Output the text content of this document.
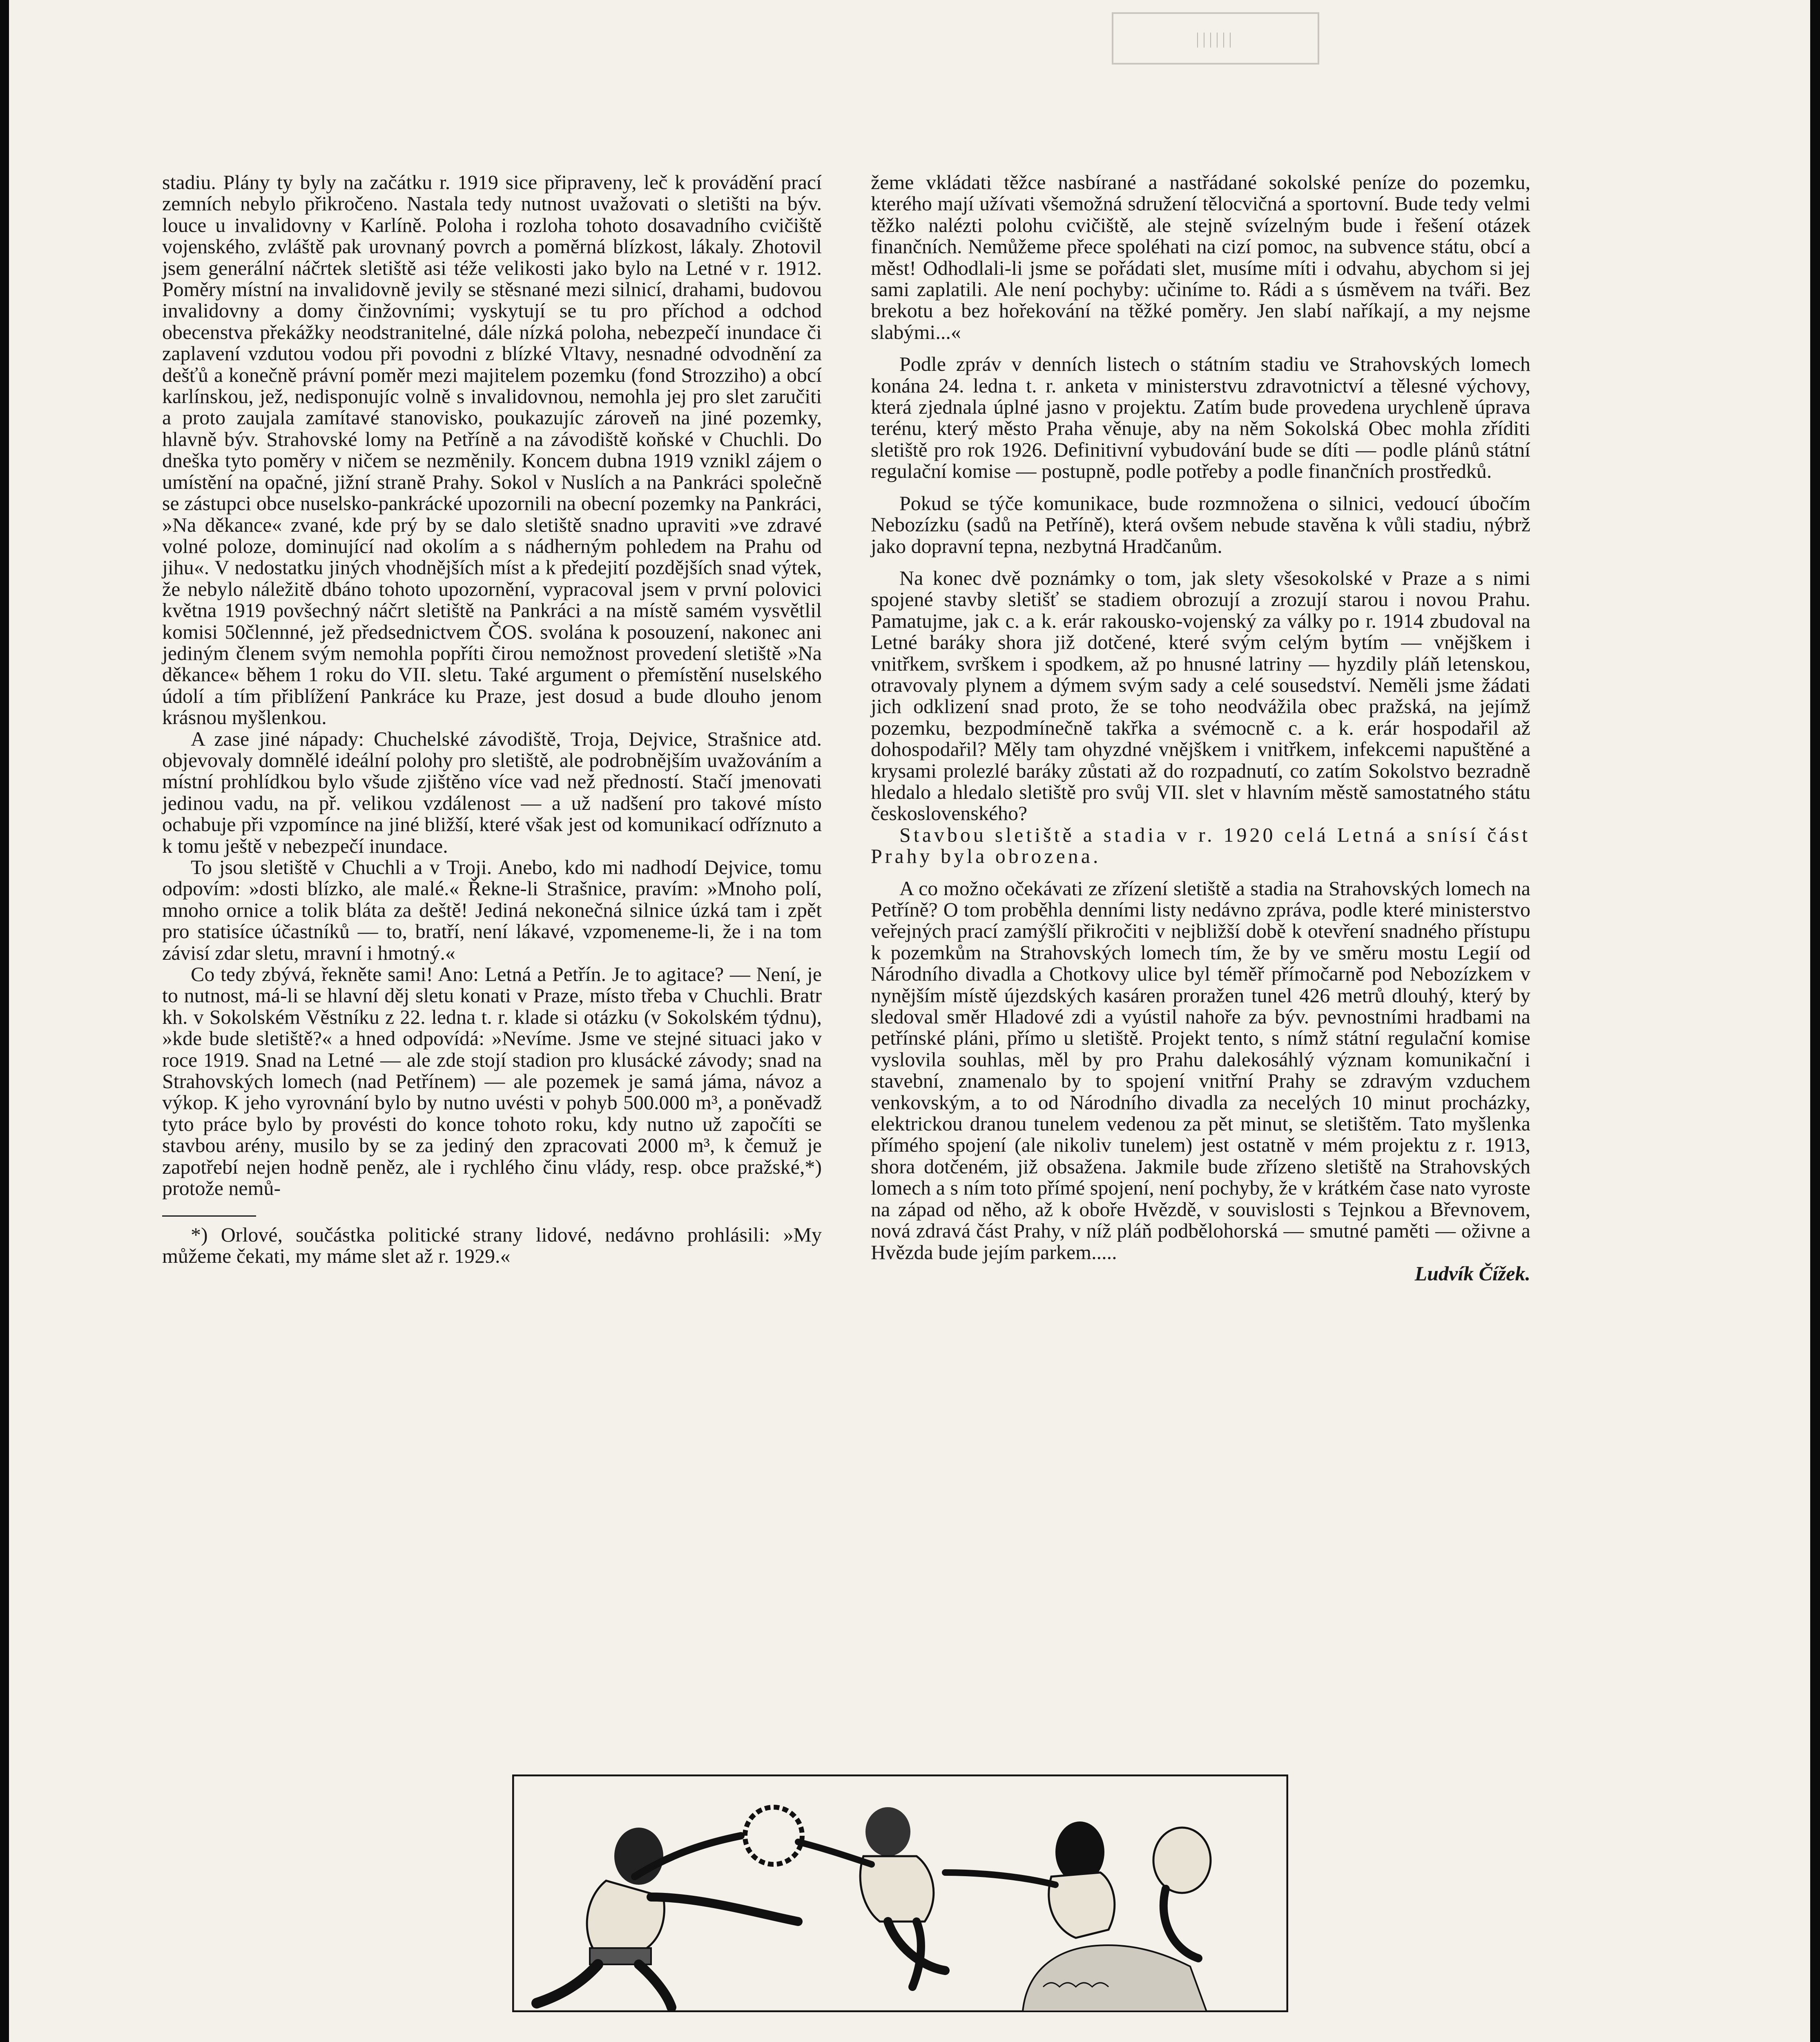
||||||

stadiu. Plány ty byly na začátku r. 1919 sice připraveny, leč k provádění prací zemních nebylo přikročeno. Nastala tedy nutnost uvažovati o sletišti na býv. louce u invalidovny v Karlíně. Poloha i rozloha tohoto dosavadního cvičiště vojenského, zvláště pak urovnaný povrch a poměrná blízkost, lákaly. Zhotovil jsem generální náčrtek sletiště asi téže velikosti jako bylo na Letné v r. 1912. Poměry místní na invalidovně jevily se stěsnané mezi silnicí, drahami, budovou invalidovny a domy činžovními; vyskytují se tu pro příchod a odchod obecenstva překážky neodstranitelné, dále nízká poloha, nebezpečí inundace či zaplavení vzdutou vodou při povodni z blízké Vltavy, nesnadné odvodnění za dešťů a konečně právní poměr mezi majitelem pozemku (fond Strozziho) a obcí karlínskou, jež, nedisponujíc volně s invalidovnou, nemohla jej pro slet zaručiti a proto zaujala zamítavé stanovisko, poukazujíc zároveň na jiné pozemky, hlavně býv. Strahovské lomy na Petříně a na závodiště koňské v Chuchli. Do dneška tyto poměry v ničem se nezměnily. Koncem dubna 1919 vznikl zájem o umístění na opačné, jižní straně Prahy. Sokol v Nuslích a na Pankráci společně se zástupci obce nuselsko-pankrácké upozornili na obecní pozemky na Pankráci, »Na děkance« zvané, kde prý by se dalo sletiště snadno upraviti »ve zdravé volné poloze, dominující nad okolím a s nádherným pohledem na Prahu od jihu«. V nedostatku jiných vhodnějších míst a k předejití pozdějších snad výtek, že nebylo náležitě dbáno tohoto upozornění, vypracoval jsem v první polovici května 1919 povšechný náčrt sletiště na Pankráci a na místě samém vysvětlil komisi 50člennné, jež předsednictvem ČOS. svolána k posouzení, nakonec ani jediným členem svým nemohla popříti čirou nemožnost provedení sletiště »Na děkance« během 1 roku do VII. sletu. Také argument o přemístění nuselského údolí a tím přiblížení Pankráce ku Praze, jest dosud a bude dlouho jenom krásnou myšlenkou.

A zase jiné nápady: Chuchelské závodiště, Troja, Dejvice, Strašnice atd. objevovaly domnělé ideální polohy pro sletiště, ale podrobnějším uvažováním a místní prohlídkou bylo všude zjištěno více vad než předností. Stačí jmenovati jedinou vadu, na př. velikou vzdálenost — a už nadšení pro takové místo ochabuje při vzpomínce na jiné bližší, které však jest od komunikací odříznuto a k tomu ještě v nebezpečí inundace.

To jsou sletiště v Chuchli a v Troji. Anebo, kdo mi nadhodí Dejvice, tomu odpovím: »dosti blízko, ale malé.« Řekne-li Strašnice, pravím: »Mnoho polí, mnoho ornice a tolik bláta za deště! Jediná nekonečná silnice úzká tam i zpět pro statisíce účastníků — to, bratří, není lákavé, vzpomeneme-li, že i na tom závisí zdar sletu, mravní i hmotný.«

Co tedy zbývá, řekněte sami! Ano: Letná a Petřín. Je to agitace? — Není, je to nutnost, má-li se hlavní děj sletu konati v Praze, místo třeba v Chuchli. Bratr kh. v Sokolském Věstníku z 22. ledna t. r. klade si otázku (v Sokolském týdnu), »kde bude sletiště?« a hned odpovídá: »Nevíme. Jsme ve stejné situaci jako v roce 1919. Snad na Letné — ale zde stojí stadion pro klusácké závody; snad na Strahovských lomech (nad Petřínem) — ale pozemek je samá jáma, návoz a výkop. K jeho vyrovnání bylo by nutno uvésti v pohyb 500.000 m³, a poněvadž tyto práce bylo by provésti do konce tohoto roku, kdy nutno už započíti se stavbou arény, musilo by se za jediný den zpracovati 2000 m³, k čemuž je zapotřebí nejen hodně peněz, ale i rychlého činu vlády, resp. obce pražské,*) protože nemů-

*) Orlové, součástka politické strany lidové, nedávno prohlásili: »My můžeme čekati, my máme slet až r. 1929.«

žeme vkládati těžce nasbírané a nastřádané sokolské peníze do pozemku, kterého mají užívati všemožná sdružení tělocvičná a sportovní. Bude tedy velmi těžko nalézti polohu cvičiště, ale stejně svízelným bude i řešení otázek finančních. Nemůžeme přece spoléhati na cizí pomoc, na subvence státu, obcí a měst! Odhodlali-li jsme se pořádati slet, musíme míti i odvahu, abychom si jej sami zaplatili. Ale není pochyby: učiníme to. Rádi a s úsměvem na tváři. Bez brekotu a bez hořekování na těžké poměry. Jen slabí naříkají, a my nejsme slabými...«

Podle zpráv v denních listech o státním stadiu ve Strahovských lomech konána 24. ledna t. r. anketa v ministerstvu zdravotnictví a tělesné výchovy, která zjednala úplné jasno v projektu. Zatím bude provedena urychleně úprava terénu, který město Praha věnuje, aby na něm Sokolská Obec mohla zříditi sletiště pro rok 1926. Definitivní vybudování bude se díti — podle plánů státní regulační komise — postupně, podle potřeby a podle finančních prostředků.

Pokud se týče komunikace, bude rozmnožena o silnici, vedoucí úbočím Nebozízku (sadů na Petříně), která ovšem nebude stavěna k vůli stadiu, nýbrž jako dopravní tepna, nezbytná Hradčanům.

Na konec dvě poznámky o tom, jak slety všesokolské v Praze a s nimi spojené stavby sletišť se stadiem obrozují a zrozují starou i novou Prahu. Pamatujme, jak c. a k. erár rakousko-vojenský za války po r. 1914 zbudoval na Letné baráky shora již dotčené, které svým celým bytím — vnějškem i vnitřkem, svrškem i spodkem, až po hnusné latriny — hyzdily pláň letenskou, otravovaly plynem a dýmem svým sady a celé sousedství. Neměli jsme žádati jich odklizení snad proto, že se toho neodvážila obec pražská, na jejímž pozemku, bezpodmínečně takřka a svémocně c. a k. erár hospodařil až dohospodařil? Měly tam ohyzdné vnějškem i vnitřkem, infekcemi napuštěné a krysami prolezlé baráky zůstati až do rozpadnutí, co zatím Sokolstvo bezradně hledalo a hledalo sletiště pro svůj VII. slet v hlavním městě samostatného státu československého?

Stavbou sletiště a stadia v r. 1920 celá Letná a snísí část Prahy byla obrozena.

A co možno očekávati ze zřízení sletiště a stadia na Strahovských lomech na Petříně? O tom proběhla denními listy nedávno zpráva, podle které ministerstvo veřejných prací zamýšlí přikročiti v nejbližší době k otevření snadného přístupu k pozemkům na Strahovských lomech tím, že by ve směru mostu Legií od Národního divadla a Chotkovy ulice byl téměř přímočarně pod Nebozízkem v nynějším místě újezdských kasáren proražen tunel 426 metrů dlouhý, který by sledoval směr Hladové zdi a vyústil nahoře za býv. pevnostními hradbami na petřínské pláni, přímo u sletiště. Projekt tento, s nímž státní regulační komise vyslovila souhlas, měl by pro Prahu dalekosáhlý význam komunikační i stavební, znamenalo by to spojení vnitřní Prahy se zdravým vzduchem venkovským, a to od Národního divadla za necelých 10 minut procházky, elektrickou dranou tunelem vedenou za pět minut, se sletištěm. Tato myšlenka přímého spojení (ale nikoliv tunelem) jest ostatně v mém projektu z r. 1913, shora dotčeném, již obsažena. Jakmile bude zřízeno sletiště na Strahovských lomech a s ním toto přímé spojení, není pochyby, že v krátkém čase nato vyroste na západ od něho, až k oboře Hvězdě, v souvislosti s Tejnkou a Břevnovem, nová zdravá část Prahy, v níž pláň podbělohorská — smutné paměti — oživne a Hvězda bude jejím parkem.....

Ludvík Čížek.
